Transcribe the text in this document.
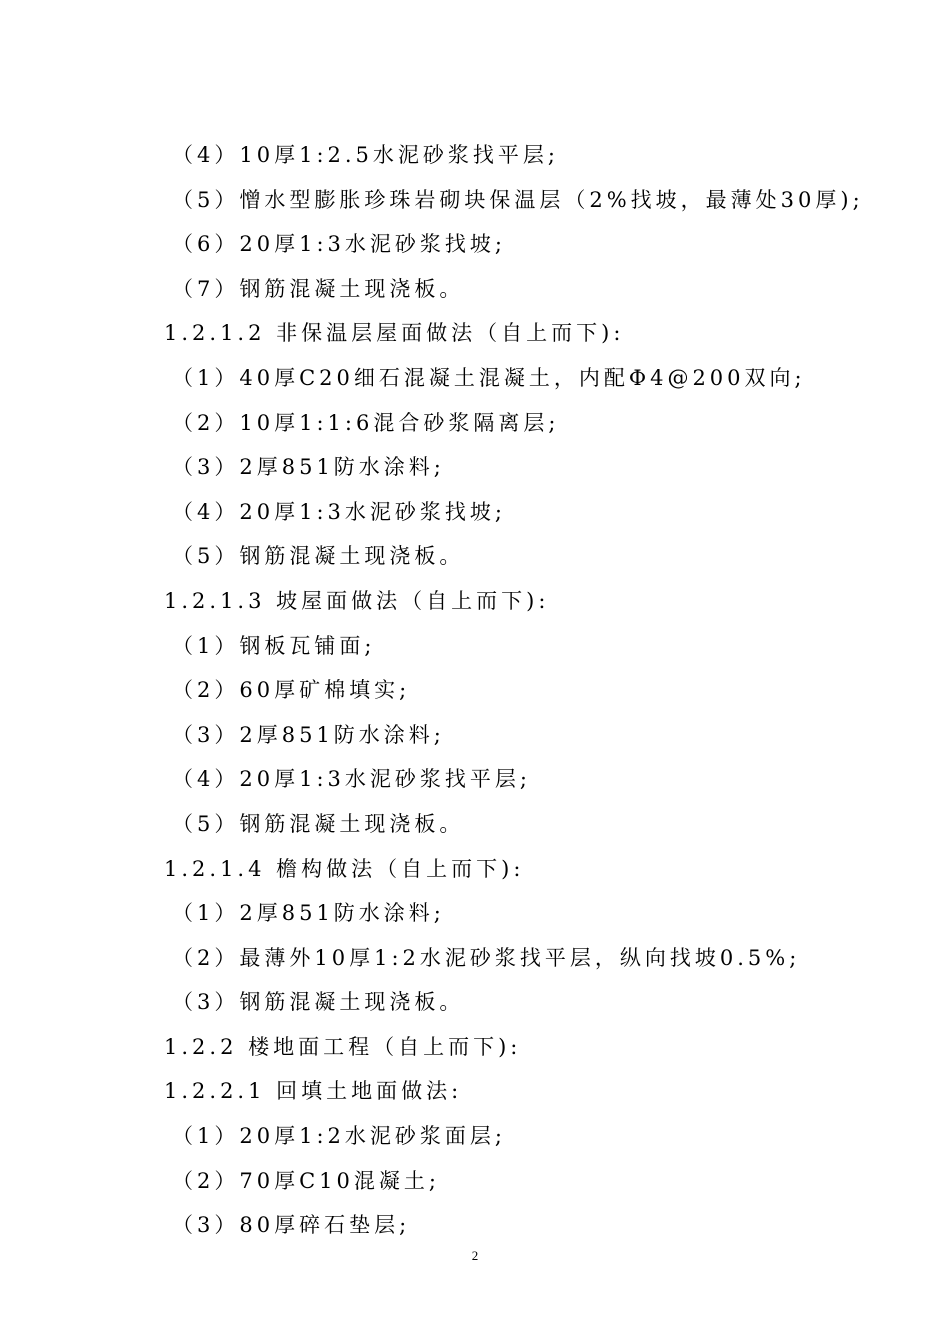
（4）10厚1:2.5水泥砂浆找平层;
（5）憎水型膨胀珍珠岩砌块保温层（2%找坡，最薄处30厚);
（6）20厚1:3水泥砂浆找坡;
（7）钢筋混凝土现浇板。
1.2.1.2 非保温层屋面做法（自上而下):
（1）40厚C20细石混凝土混凝土，内配Φ4@200双向;
（2）10厚1:1:6混合砂浆隔离层;
（3）2厚851防水涂料;
（4）20厚1:3水泥砂浆找坡;
（5）钢筋混凝土现浇板。
1.2.1.3 坡屋面做法（自上而下):
（1）钢板瓦铺面;
（2）60厚矿棉填实;
（3）2厚851防水涂料;
（4）20厚1:3水泥砂浆找平层;
（5）钢筋混凝土现浇板。
1.2.1.4 檐构做法（自上而下):
（1）2厚851防水涂料;
（2）最薄外10厚1:2水泥砂浆找平层，纵向找坡0.5%;
（3）钢筋混凝土现浇板。
1.2.2 楼地面工程（自上而下):
1.2.2.1 回填土地面做法:
（1）20厚1:2水泥砂浆面层;
（2）70厚C10混凝土;
（3）80厚碎石垫层;
2
